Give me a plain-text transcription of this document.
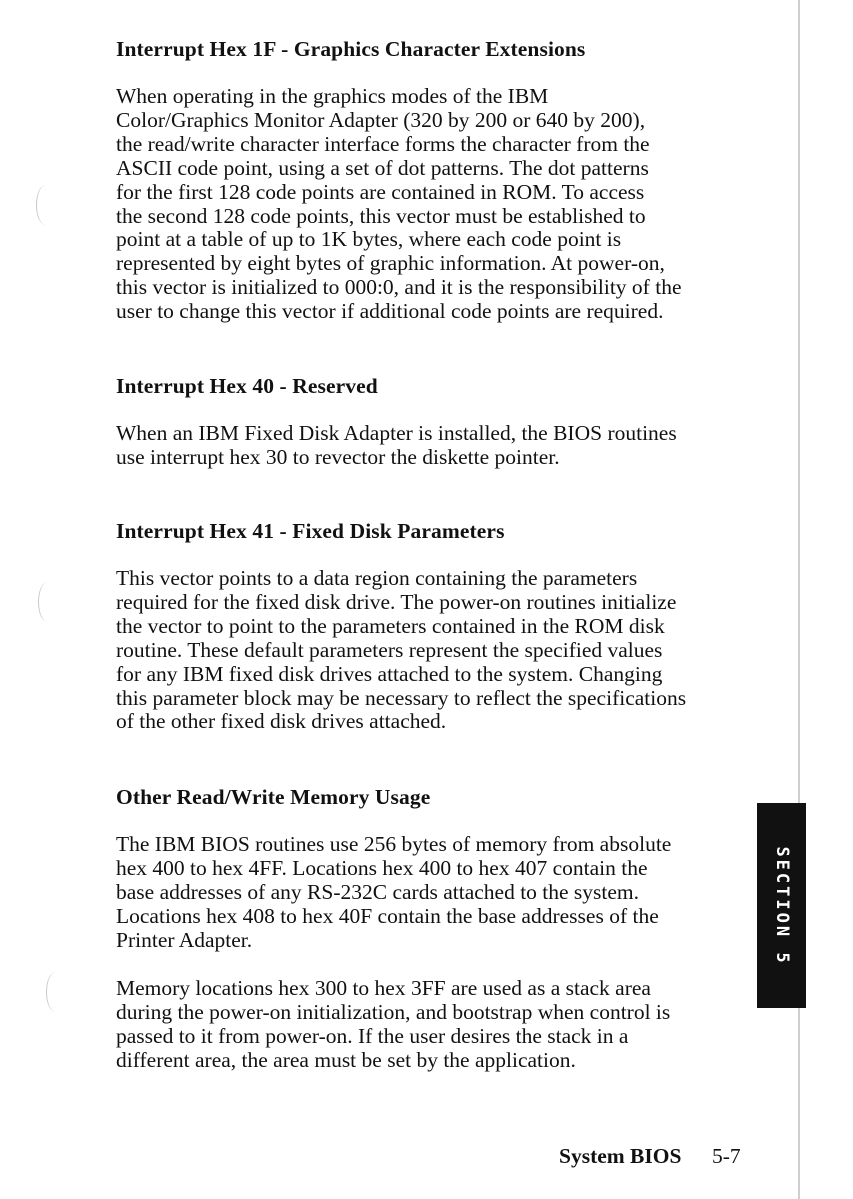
Interrupt Hex 1F - Graphics Character Extensions
When operating in the graphics modes of the IBM
Color/Graphics Monitor Adapter (320 by 200 or 640 by 200),
the read/write character interface forms the character from the
ASCII code point, using a set of dot patterns. The dot patterns
for the first 128 code points are contained in ROM. To access
the second 128 code points, this vector must be established to
point at a table of up to 1K bytes, where each code point is
represented by eight bytes of graphic information. At power-on,
this vector is initialized to 000:0, and it is the responsibility of the
user to change this vector if additional code points are required.
Interrupt Hex 40 - Reserved
When an IBM Fixed Disk Adapter is installed, the BIOS routines
use interrupt hex 30 to revector the diskette pointer.
Interrupt Hex 41 - Fixed Disk Parameters
This vector points to a data region containing the parameters
required for the fixed disk drive. The power-on routines initialize
the vector to point to the parameters contained in the ROM disk
routine. These default parameters represent the specified values
for any IBM fixed disk drives attached to the system. Changing
this parameter block may be necessary to reflect the specifications
of the other fixed disk drives attached.
Other Read/Write Memory Usage
The IBM BIOS routines use 256 bytes of memory from absolute
hex 400 to hex 4FF. Locations hex 400 to hex 407 contain the
base addresses of any RS-232C cards attached to the system.
Locations hex 408 to hex 40F contain the base addresses of the
Printer Adapter.
Memory locations hex 300 to hex 3FF are used as a stack area
during the power-on initialization, and bootstrap when control is
passed to it from power-on. If the user desires the stack in a
different area, the area must be set by the application.
SECTION 5

System BIOS 5-7
